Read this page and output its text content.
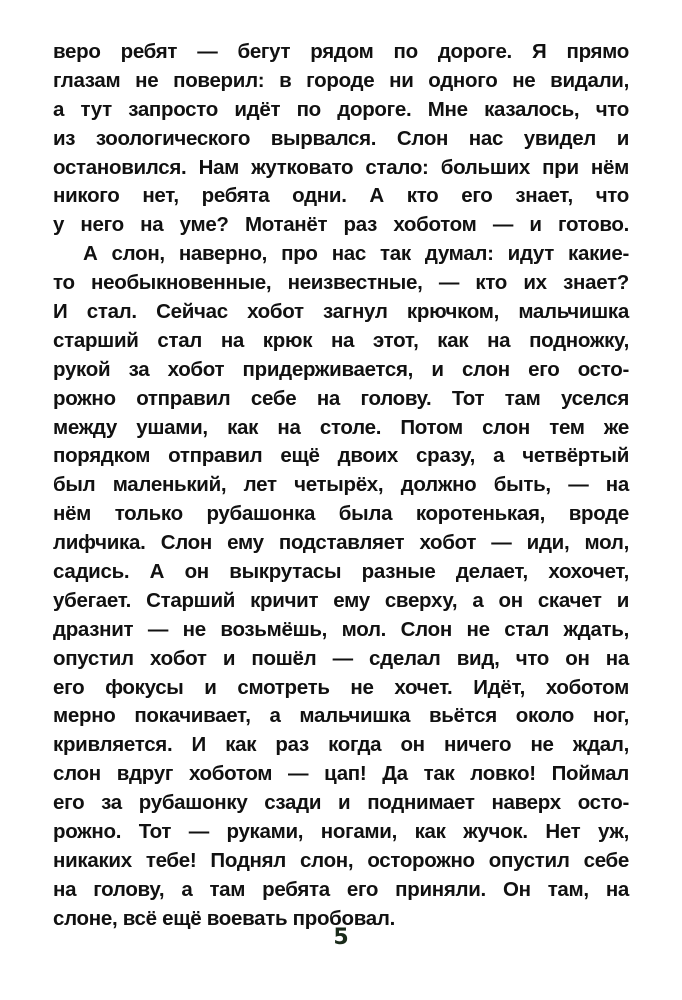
веро ребят — бегут рядом по дороге. Я прямо
глазам не поверил: в городе ни одного не видали,
а тут запросто идёт по дороге. Мне казалось, что
из зоологического вырвался. Слон нас увидел и
остановился. Нам жутковато стало: больших при нём
никого нет, ребята одни. А кто его знает, что
у него на уме? Мотанёт раз хоботом — и готово.
А слон, наверно, про нас так думал: идут какие-
то необыкновенные, неизвестные, — кто их знает?
И стал. Сейчас хобот загнул крючком, мальчишка
старший стал на крюк на этот, как на подножку,
рукой за хобот придерживается, и слон его осто-
рожно отправил себе на голову. Тот там уселся
между ушами, как на столе. Потом слон тем же
порядком отправил ещё двоих сразу, а четвёртый
был маленький, лет четырёх, должно быть, — на
нём только рубашонка была коротенькая, вроде
лифчика. Слон ему подставляет хобот — иди, мол,
садись. А он выкрутасы разные делает, хохочет,
убегает. Старший кричит ему сверху, а он скачет и
дразнит — не возьмёшь, мол. Слон не стал ждать,
опустил хобот и пошёл — сделал вид, что он на
его фокусы и смотреть не хочет. Идёт, хоботом
мерно покачивает, а мальчишка вьётся около ног,
кривляется. И как раз когда он ничего не ждал,
слон вдруг хоботом — цап! Да так ловко! Поймал
его за рубашонку сзади и поднимает наверх осто-
рожно. Тот — руками, ногами, как жучок. Нет уж,
никаких тебе! Поднял слон, осторожно опустил себе
на голову, а там ребята его приняли. Он там, на
слоне, всё ещё воевать пробовал.
5
